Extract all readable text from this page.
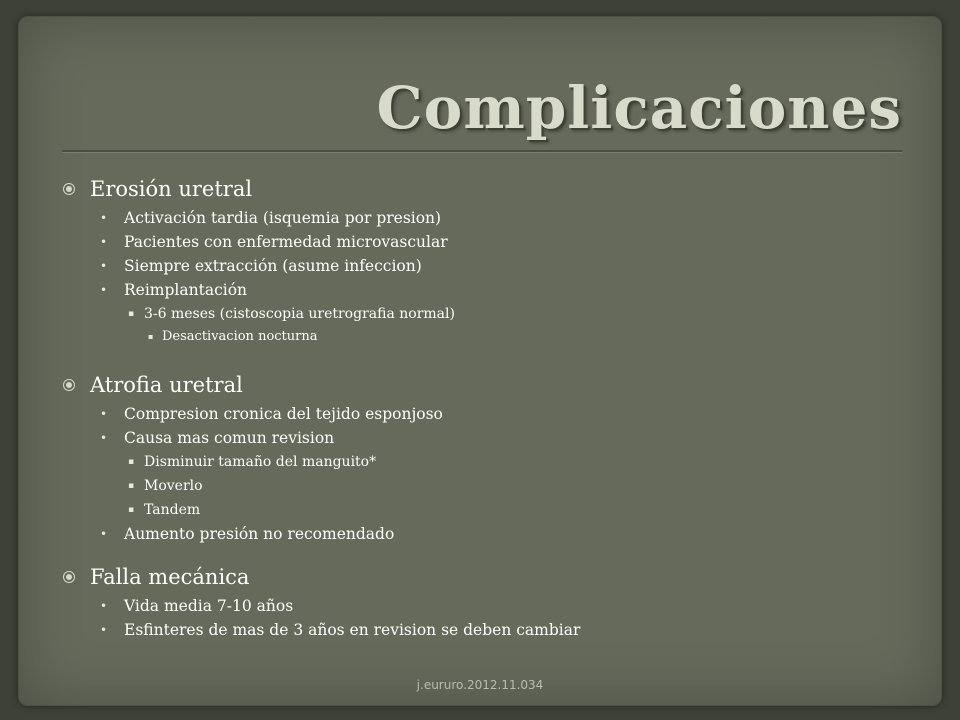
Complicaciones
Erosión uretral
• Activación tardia (isquemia por presion)
• Pacientes con enfermedad microvascular
• Siempre extracción (asume infeccion)
• Reimplantación
▪ 3-6 meses (cistoscopia uretrografia normal)
▪ Desactivacion nocturna
Atrofia uretral
• Compresion cronica del tejido esponjoso
• Causa mas comun revision
▪ Disminuir tamaño del manguito*
▪ Moverlo
▪ Tandem
• Aumento presión no recomendado
Falla mecánica
• Vida media 7-10 años
• Esfinteres de mas de 3 años en revision se deben cambiar
j.eururo.2012.11.034
